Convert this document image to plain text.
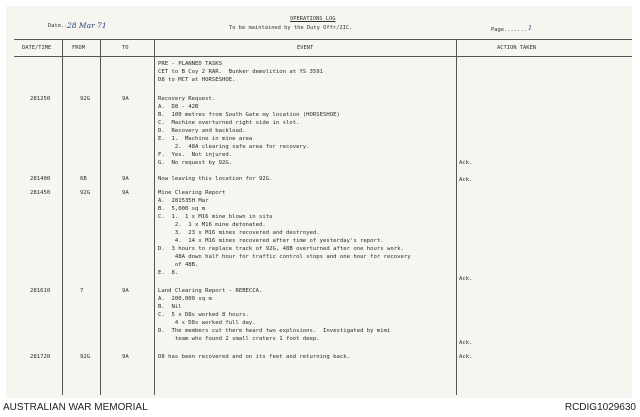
Date.. 28 Mar 71
OPERATIONS LOG
To be maintained by the Duty Offr/2IC.	Page....... 1
DATE/TIME	FROM	TO	EVENT	ACTION TAKEN
PRE - PLANNED TASKS
CET to B Coy 2 RAR.  Bunker demolition at YS 3591
D8 to MCT at HORSESHOE.
281250	92G	9A	Recovery Request.
A.  D8 - 42B
B.  100 metres from South Gate my location (HORSESHOE)
C.  Machine overturned right side in slot.
D.  Recovery and backload.
E.  1.  Machine in mine area
2.  48A clearing safe area for recovery.
F.  Yes.  Not injured.
G.  No request by 92G.	Ack.
281400	6B	9A	Now leaving this location for 92G.	Ack.
281450	92G	9A	Mine Clearing Report
A.  281535H Mar
B.  5,000 sq m
C.  1.  1 x M16 mine blown in situ
2.  1 x M16 mine detonated.
3.  23 x M16 mines recovered and destroyed.
4.  14 x M16 mines recovered after time of yesterday's report.
D.  3 hours to replace track of 92G, 48B overturned after one hours work.
48A down half hour for traffic control stops and one hour for recovery
of 48B.
E.  8.
Ack.
281610	7	9A	Land Clearing Report - REBECCA.
A.  200,000 sq m
B.  Nil
C.  5 x D8s worked 8 hours.
4 x D8s worked full day.
D.  The members cut there heard two explosions.  Investigated by mimi
team who found 2 small craters 1 foot deep.
Ack.
281720	92G	9A	D8 has been recovered and on its feet and returning back.	Ack.
AUSTRALIAN WAR MEMORIAL	RCDIG1029630
